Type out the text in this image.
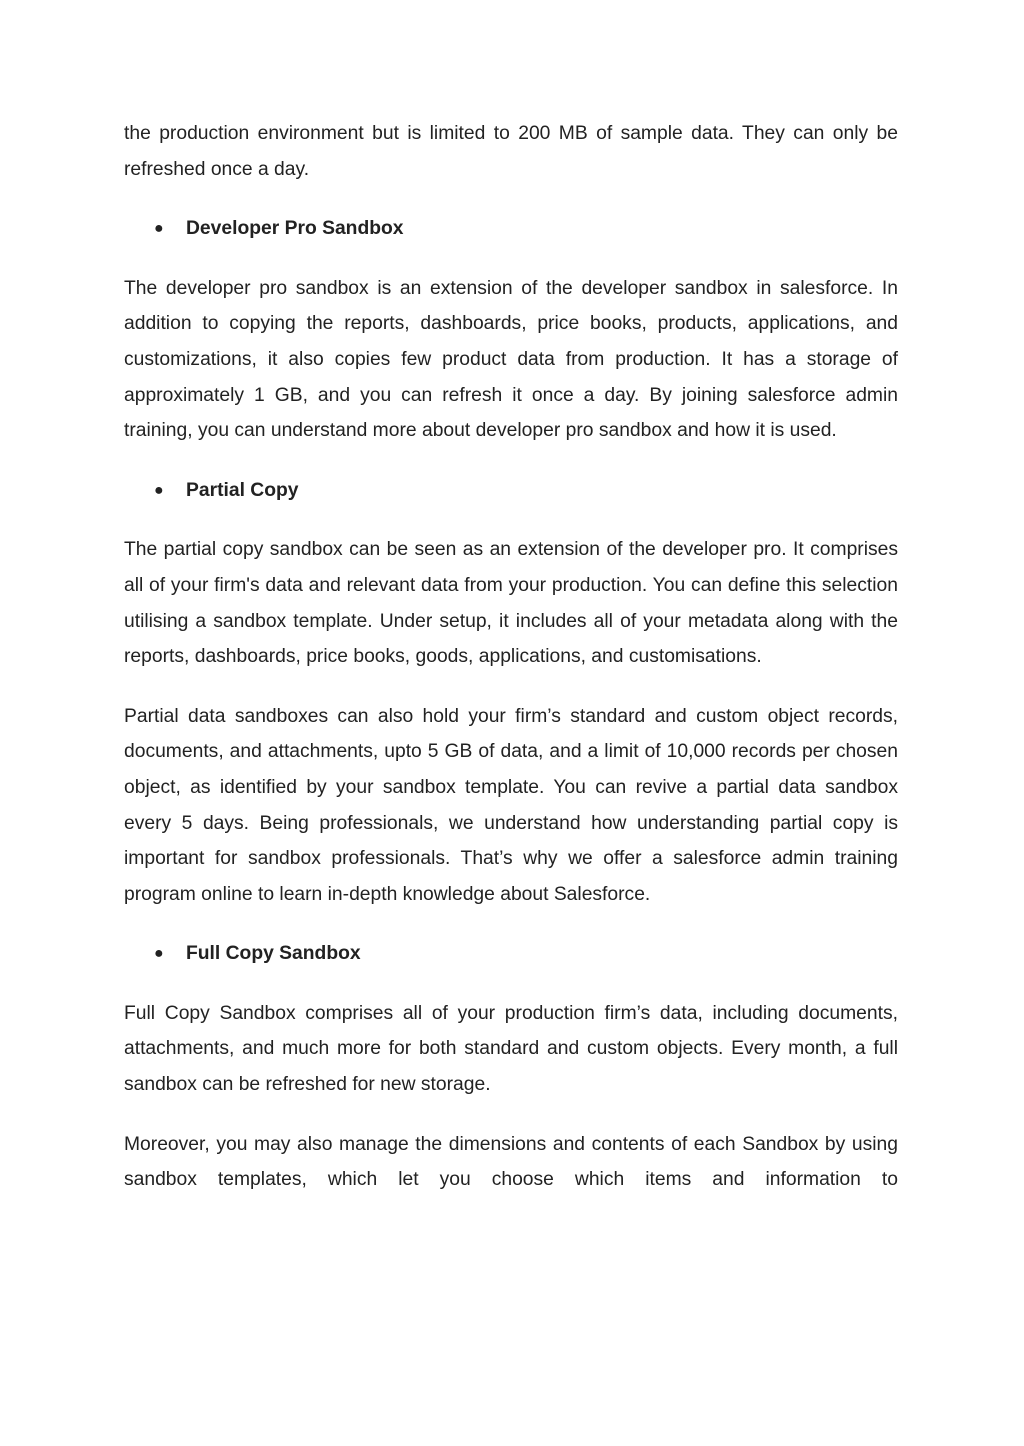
the production environment but is limited to 200 MB of sample data. They can only be refreshed once a day.

●	Developer Pro Sandbox

The developer pro sandbox is an extension of the developer sandbox in salesforce. In addition to copying the reports, dashboards, price books, products, applications, and customizations, it also copies few product data from production. It has a storage of approximately 1 GB, and you can refresh it once a day. By joining salesforce admin training, you can understand more about developer pro sandbox and how it is used.

●	Partial Copy

The partial copy sandbox can be seen as an extension of the developer pro. It comprises all of your firm's data and relevant data from your production. You can define this selection utilising a sandbox template. Under setup, it includes all of your metadata along with the reports, dashboards, price books, goods, applications, and customisations.

Partial data sandboxes can also hold your firm’s standard and custom object records, documents, and attachments, upto 5 GB of data, and a limit of 10,000 records per chosen object, as identified by your sandbox template. You can revive a partial data sandbox every 5 days. Being professionals, we understand how understanding partial copy is important for sandbox professionals. That’s why we offer a salesforce admin training program online to learn in-depth knowledge about Salesforce.

●	Full Copy Sandbox

Full Copy Sandbox comprises all of your production firm’s data, including documents, attachments, and much more for both standard and custom objects. Every month, a full sandbox can be refreshed for new storage.

Moreover, you may also manage the dimensions and contents of each Sandbox by using sandbox templates, which let you choose which items and information to
